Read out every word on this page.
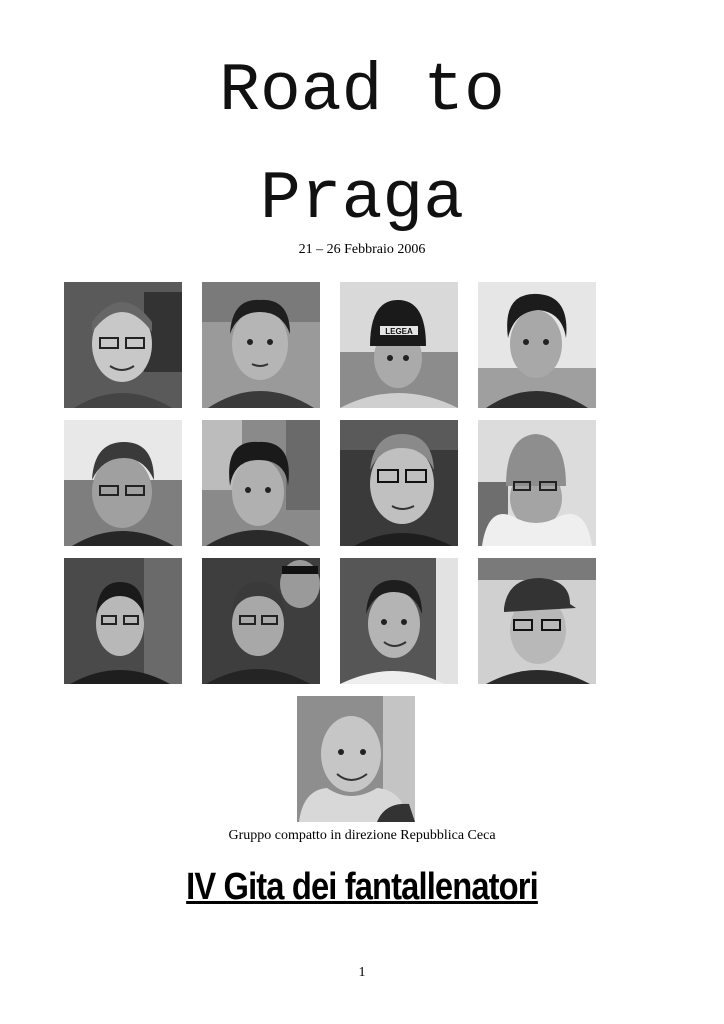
Road to
Praga
21 – 26 Febbraio 2006
LEGEA
Gruppo compatto in direzione Repubblica Ceca
IV Gita dei fantallenatori
1
